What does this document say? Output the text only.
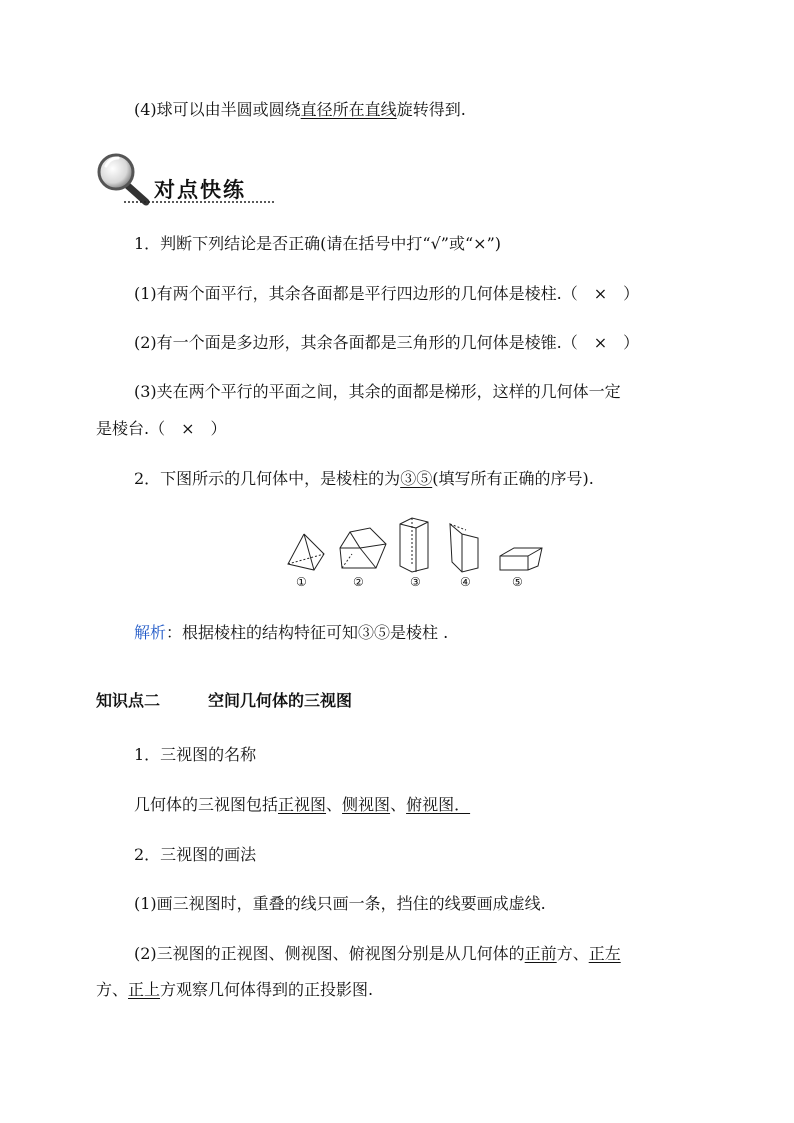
(4)球可以由半圆或圆绕直径所在直线旋转得到.
对点快练
1．判断下列结论是否正确(请在括号中打“√”或“×”)
(1)有两个面平行，其余各面都是平行四边形的几何体是棱柱.（　×　）
(2)有一个面是多边形，其余各面都是三角形的几何体是棱锥.（　×　）
(3)夹在两个平行的平面之间，其余的面都是梯形，这样的几何体一定
是棱台.（　×　）
2．下图所示的几何体中，是棱柱的为③⑤(填写所有正确的序号).
①	②	③	④	⑤
解析：根据棱柱的结构特征可知③⑤是棱柱 .
知识点二	空间几何体的三视图
1．三视图的名称
几何体的三视图包括正视图、侧视图、俯视图．
2．三视图的画法
(1)画三视图时，重叠的线只画一条，挡住的线要画成虚线.
(2)三视图的正视图、侧视图、俯视图分别是从几何体的正前方、正左
方、正上方观察几何体得到的正投影图.
